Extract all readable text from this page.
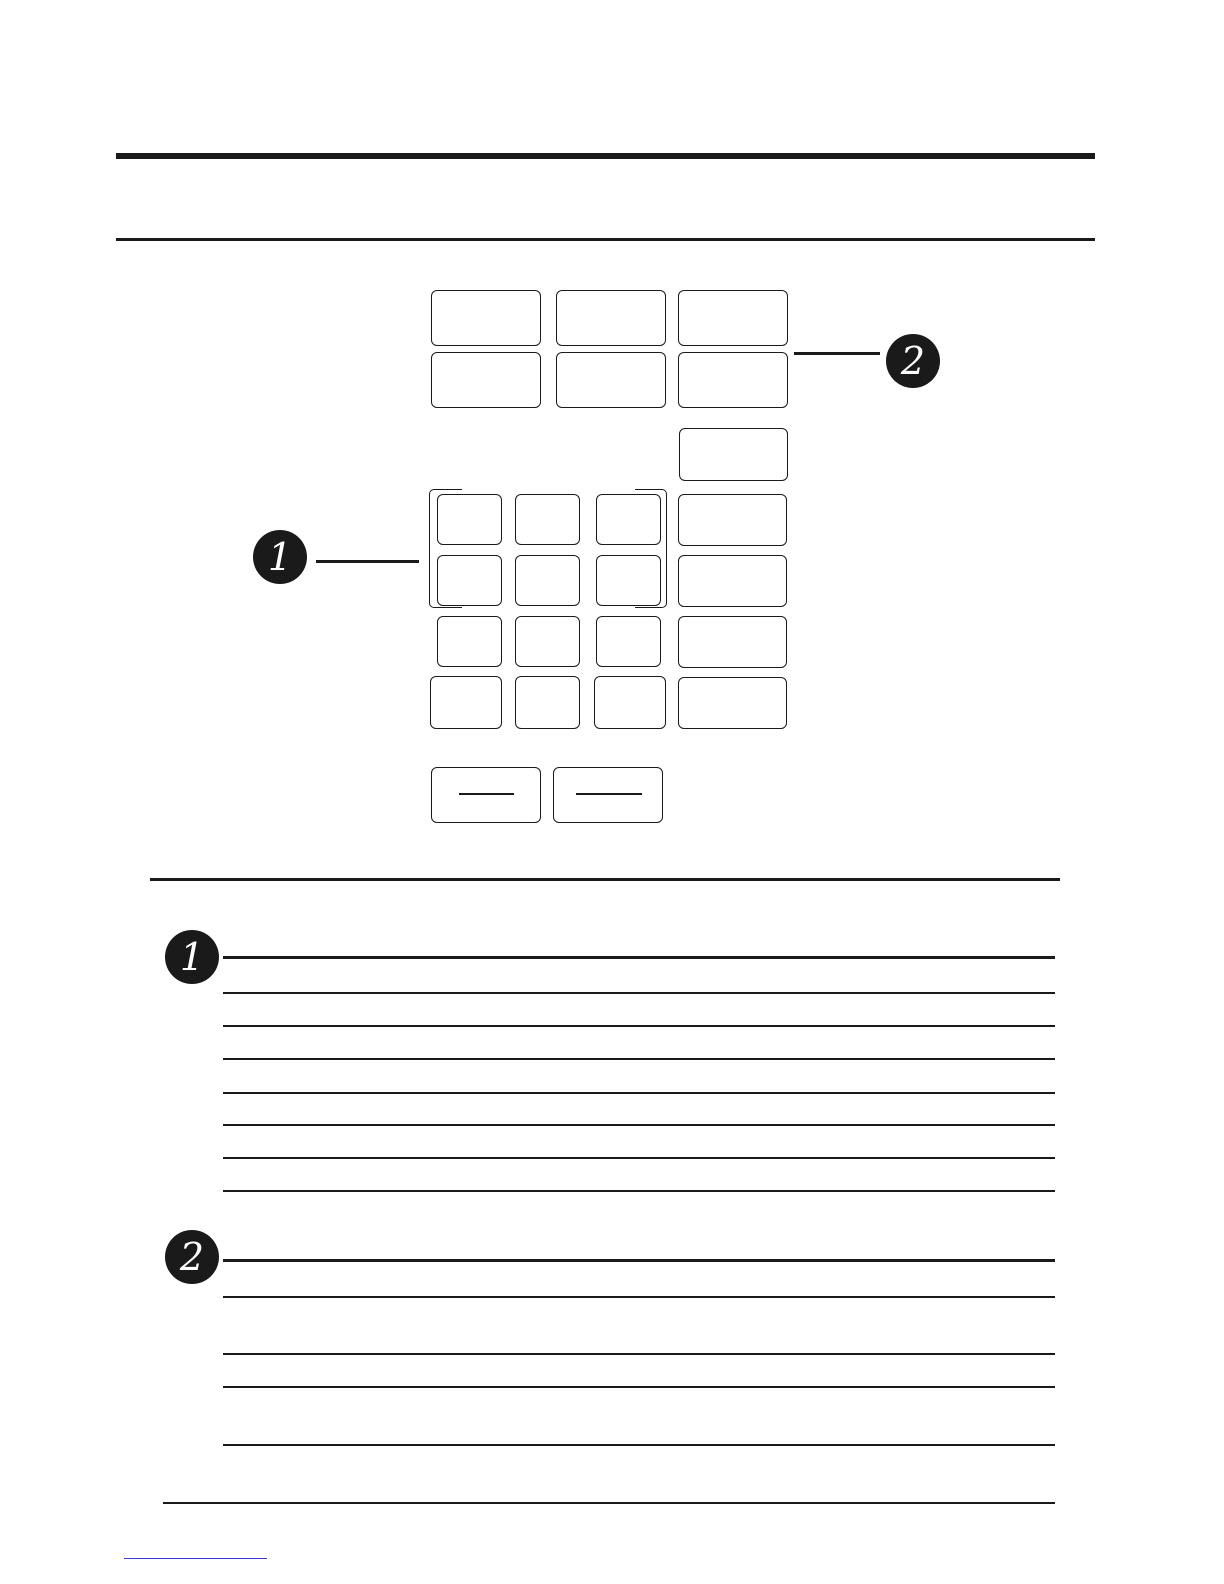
2
1
1
2
